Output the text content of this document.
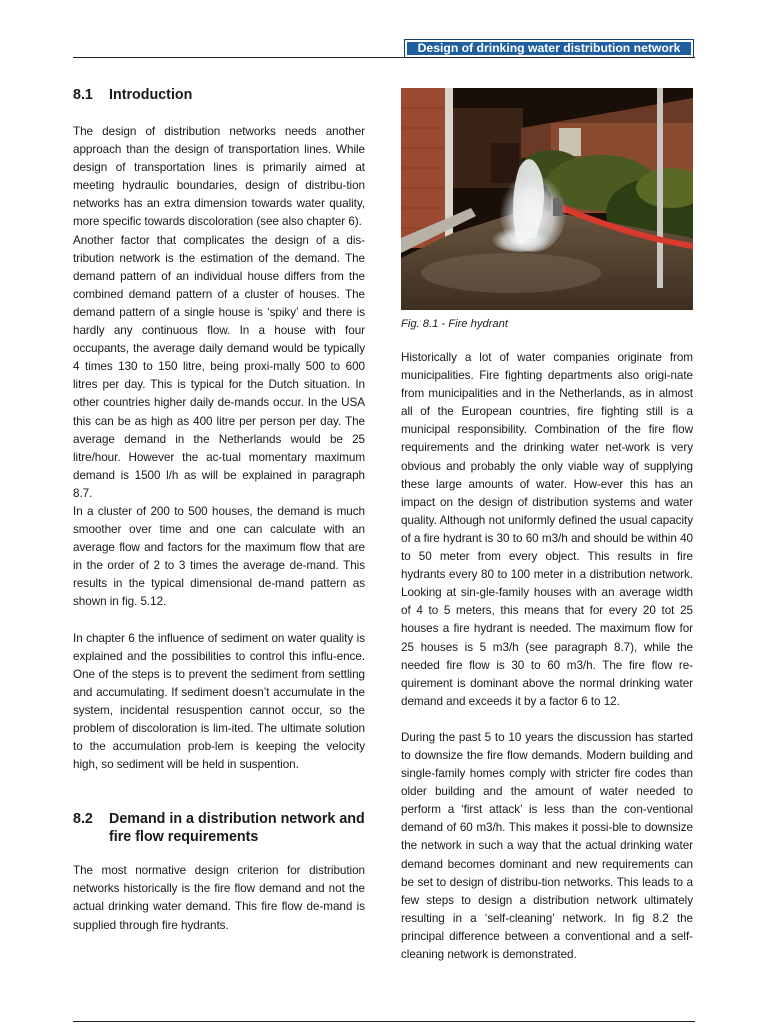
Design of drinking water distribution network
8.1 Introduction

The design of distribution networks needs another approach than the design of transportation lines. While design of transportation lines is primarily aimed at meeting hydraulic boundaries, design of distribu-tion networks has an extra dimension towards water quality, more specific towards discoloration (see also chapter 6).

Another factor that complicates the design of a dis-tribution network is the estimation of the demand. The demand pattern of an individual house differs from the combined demand pattern of a cluster of houses. The demand pattern of a single house is ‘spiky’ and there is hardly any continuous flow. In a house with four occupants, the average daily demand would be typically 4 times 130 to 150 litre, being proxi-mally 500 to 600 litres per day. This is typical for the Dutch situation. In other countries higher daily de-mands occur. In the USA this can be as high as 400 litre per person per day. The average demand in the Netherlands would be 25 litre/hour. However the ac-tual momentary maximum demand is 1500 l/h as will be explained in paragraph 8.7.

In a cluster of 200 to 500 houses, the demand is much smoother over time and one can calculate with an average flow and factors for the maximum flow that are in the order of 2 to 3 times the average de-mand. This results in the typical dimensional de-mand pattern as shown in fig. 5.12.

In chapter 6 the influence of sediment on water quality is explained and the possibilities to control this influ-ence. One of the steps is to prevent the sediment from settling and accumulating. If sediment doesn’t accumulate in the system, incidental resuspention cannot occur, so the problem of discoloration is lim-ited. The ultimate solution to the accumulation prob-lem is keeping the velocity high, so sediment will be held in suspention.

8.2	Demand in a distribution network and fire flow requirements

The most normative design criterion for distribution networks historically is the fire flow demand and not the actual drinking water demand. This fire flow de-mand is supplied through fire hydrants.

Fig. 8.1 - Fire hydrant

Historically a lot of water companies originate from municipalities. Fire fighting departments also origi-nate from municipalities and in the Netherlands, as in almost all of the European countries, fire fighting still is a municipal responsibility. Combination of the fire flow requirements and the drinking water net-work is very obvious and probably the only viable way of supplying these large amounts of water. How-ever this has an impact on the design of distribution systems and water quality. Although not uniformly defined the usual capacity of a fire hydrant is 30 to 60 m3/h and should be within 40 to 50 meter from every object. This results in fire hydrants every 80 to 100 meter in a distribution network. Looking at sin-gle-family houses with an average width of 4 to 5 meters, this means that for every 20 tot 25 houses a fire hydrant is needed. The maximum flow for 25 houses is 5 m3/h (see paragraph 8.7), while the needed fire flow is 30 to 60 m3/h. The fire flow re-quirement is dominant above the normal drinking water demand and exceeds it by a factor 6 to 12.

During the past 5 to 10 years the discussion has started to downsize the fire flow demands. Modern building and single-family homes comply with stricter fire codes than older building and the amount of water needed to perform a ‘first attack’ is less than the con-ventional demand of 60 m3/h. This makes it possi-ble to downsize the network in such a way that the actual drinking water demand becomes dominant and new requirements can be set to design of distribu-tion networks. This leads to a few steps to design a distribution network ultimately resulting in a ‘self-cleaning’ network. In fig 8.2 the principal difference between a conventional and a self-cleaning network is demonstrated.
